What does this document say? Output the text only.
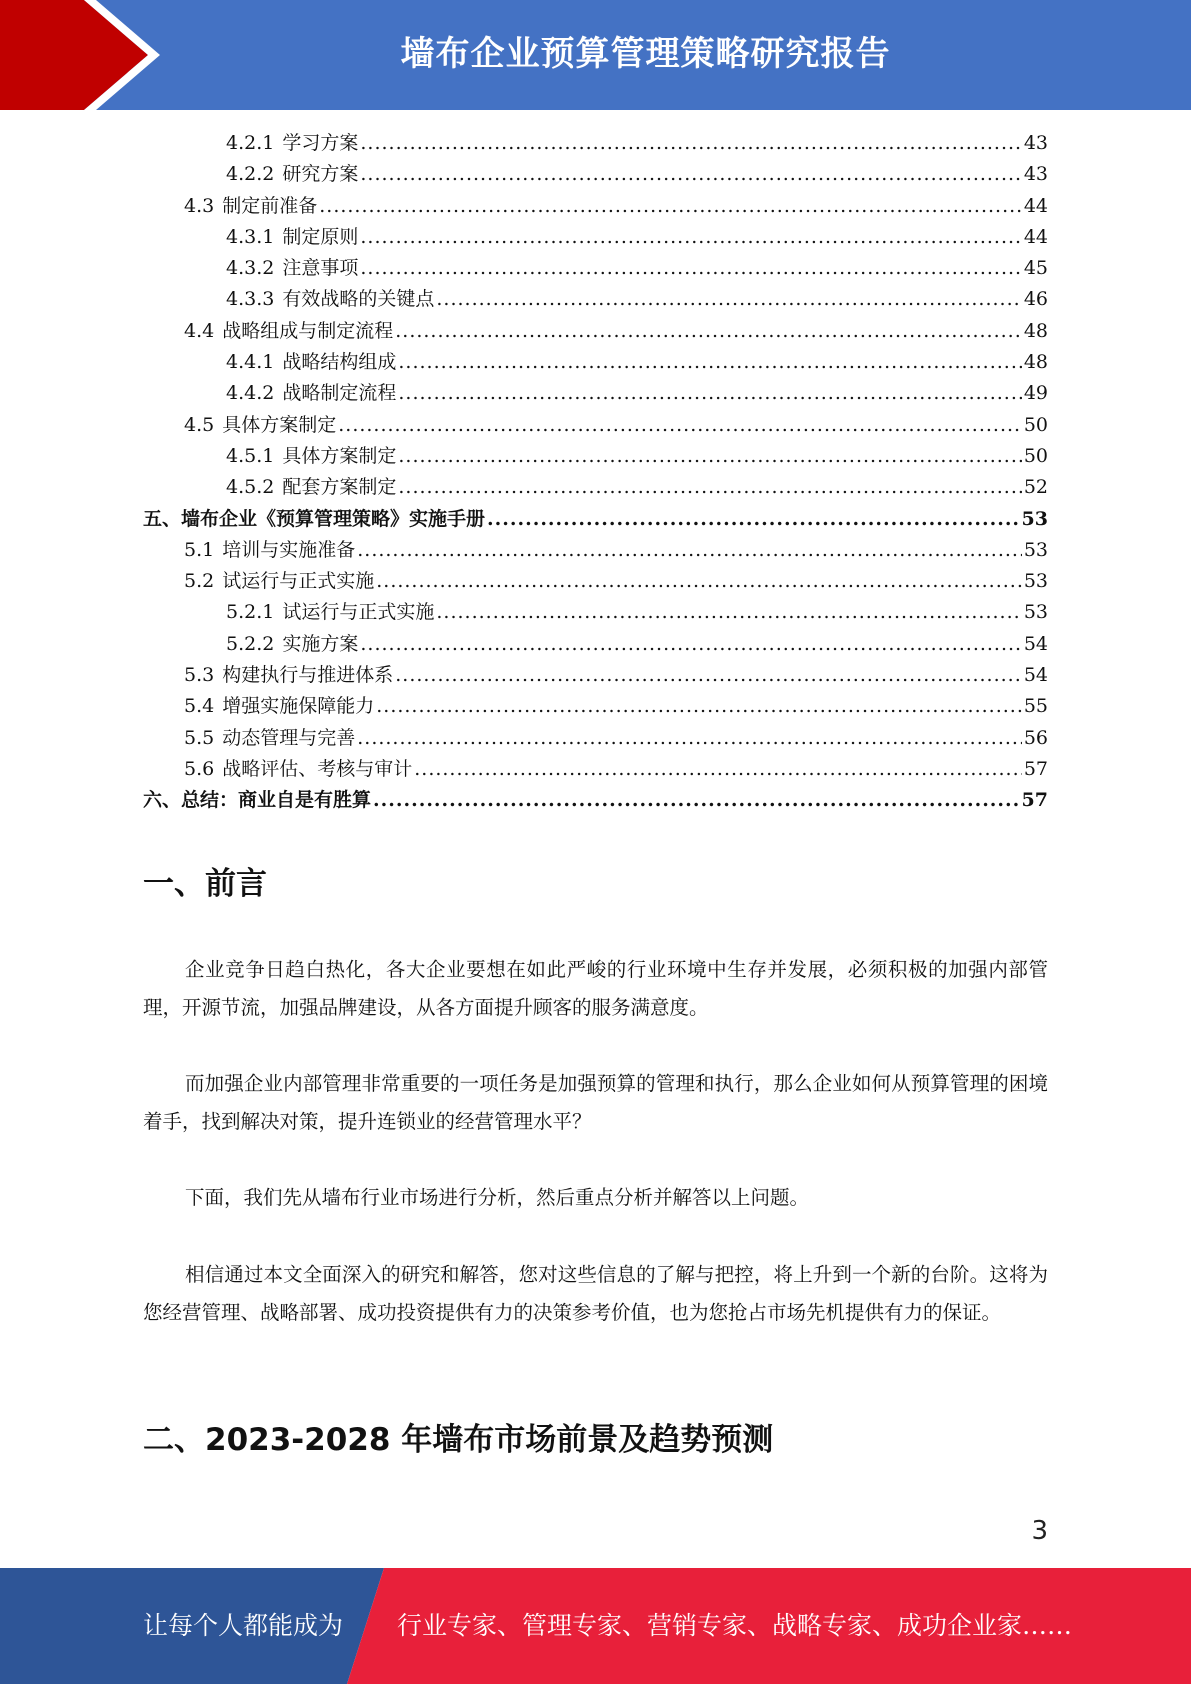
墙布企业预算管理策略研究报告
4.2.1 学习方案 .....	43
4.2.2 研究方案 .....	43
4.3 制定前准备 .....	44
4.3.1 制定原则 .....	44
4.3.2 注意事项 .....	45
4.3.3 有效战略的关键点 .....	46
4.4 战略组成与制定流程 .....	48
4.4.1 战略结构组成 .....	48
4.4.2 战略制定流程 .....	49
4.5 具体方案制定 .....	50
4.5.1 具体方案制定 .....	50
4.5.2 配套方案制定 .....	52
五、墙布企业《预算管理策略》实施手册 .....	53
5.1 培训与实施准备 .....	53
5.2 试运行与正式实施 .....	53
5.2.1 试运行与正式实施 .....	53
5.2.2 实施方案 .....	54
5.3 构建执行与推进体系 .....	54
5.4 增强实施保障能力 .....	55
5.5 动态管理与完善 .....	56
5.6 战略评估、考核与审计 .....	57
六、总结：商业自是有胜算 .....	57
一、前言

企业竞争日趋白热化，各大企业要想在如此严峻的行业环境中生存并发展，必须积极的加强内部管理，开源节流，加强品牌建设，从各方面提升顾客的服务满意度。

而加强企业内部管理非常重要的一项任务是加强预算的管理和执行，那么企业如何从预算管理的困境着手，找到解决对策，提升连锁业的经营管理水平？

下面，我们先从墙布行业市场进行分析，然后重点分析并解答以上问题。

相信通过本文全面深入的研究和解答，您对这些信息的了解与把控，将上升到一个新的台阶。这将为您经营管理、战略部署、成功投资提供有力的决策参考价值，也为您抢占市场先机提供有力的保证。

二、2023-2028 年墙布市场前景及趋势预测
3
让每个人都能成为 行业专家、管理专家、营销专家、战略专家、成功企业家……
